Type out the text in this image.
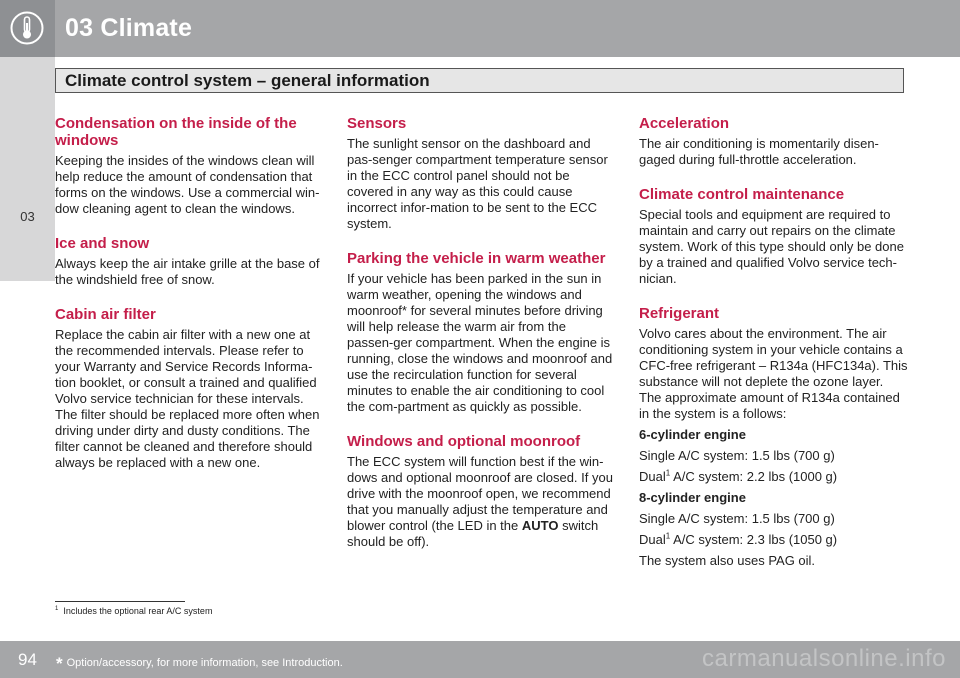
03 Climate
Climate control system – general information
03
Condensation on the inside of the windows

Keeping the insides of the windows clean will help reduce the amount of condensation that forms on the windows. Use a commercial win-dow cleaning agent to clean the windows.

Ice and snow

Always keep the air intake grille at the base of the windshield free of snow.

Cabin air filter

Replace the cabin air filter with a new one at the recommended intervals. Please refer to your Warranty and Service Records Informa-tion booklet, or consult a trained and qualified Volvo service technician for these intervals. The filter should be replaced more often when driving under dirty and dusty conditions. The filter cannot be cleaned and therefore should always be replaced with a new one.

Sensors

The sunlight sensor on the dashboard and pas-senger compartment temperature sensor in the ECC control panel should not be covered in any way as this could cause incorrect infor-mation to be sent to the ECC system.

Parking the vehicle in warm weather

If your vehicle has been parked in the sun in warm weather, opening the windows and moonroof* for several minutes before driving will help release the warm air from the passen-ger compartment. When the engine is running, close the windows and moonroof and use the recirculation function for several minutes to enable the air conditioning to cool the com-partment as quickly as possible.

Windows and optional moonroof

The ECC system will function best if the win-dows and optional moonroof are closed. If you drive with the moonroof open, we recommend that you manually adjust the temperature and blower control (the LED in the AUTO switch should be off).

Acceleration

The air conditioning is momentarily disen-gaged during full-throttle acceleration.

Climate control maintenance

Special tools and equipment are required to maintain and carry out repairs on the climate system. Work of this type should only be done by a trained and qualified Volvo service tech-nician.

Refrigerant

Volvo cares about the environment. The air conditioning system in your vehicle contains a CFC-free refrigerant – R134a (HFC134a). This substance will not deplete the ozone layer. The approximate amount of R134a contained in the system is a follows:

6-cylinder engine
Single A/C system: 1.5 lbs (700 g)
Dual$^1$ A/C system: 2.2 lbs (1000 g)
8-cylinder engine
Single A/C system: 1.5 lbs (700 g)
Dual$^1$ A/C system: 2.3 lbs (1050 g)
The system also uses PAG oil.
$^1$ Includes the optional rear A/C system
94 * Option/accessory, for more information, see Introduction.	carmanualsonline.info
